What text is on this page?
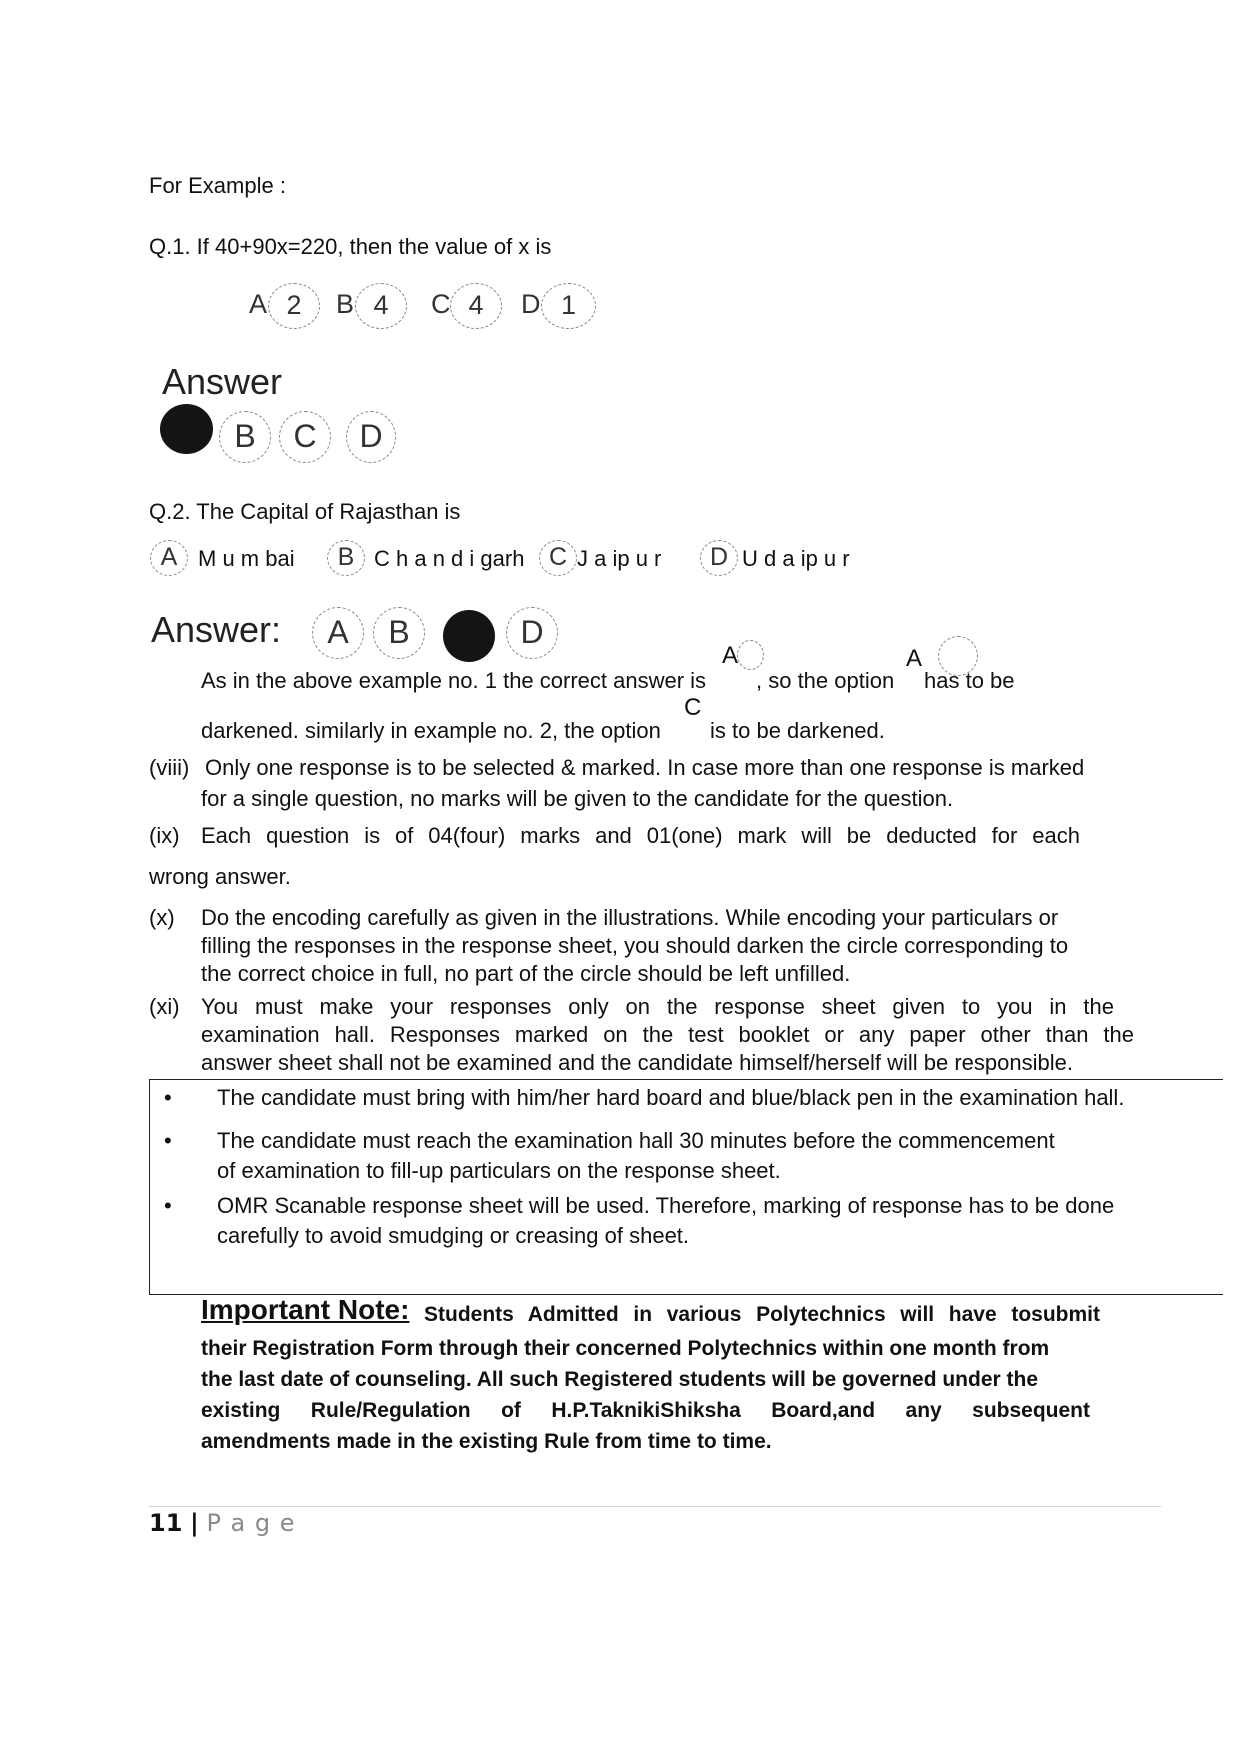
For Example :
Q.1. If 40+90x=220, then the value of x is
A 2	B 4	C 4	D 1
Answer
B	C	D
Q.2. The Capital of Rajasthan is
A M u m bai	B C h a n d i garh C J a ip u r	D U d a ip u r
Answer:	A	B	D
As in the above example no. 1 the correct answer is
A
, so the option
A
has to be
darkened. similarly in example no. 2, the option
C
is to be darkened.
(viii) Only one response is to be selected & marked. In case more than one response is marked
for a single question, no marks will be given to the candidate for the question.
(ix) Each question is of 04(four) marks and 01(one) mark will be deducted for each
wrong answer.
(x) Do the encoding carefully as given in the illustrations. While encoding your particulars or
filling the responses in the response sheet, you should darken the circle corresponding to
the correct choice in full, no part of the circle should be left unfilled.
(xi) You must make your responses only on the response sheet given to you in the
examination hall. Responses marked on the test booklet or any paper other than the
answer sheet shall not be examined and the candidate himself/herself will be responsible.
• The candidate must bring with him/her hard board and blue/black pen in the examination hall.
• The candidate must reach the examination hall 30 minutes before the commencement
of examination to fill-up particulars on the response sheet.
• OMR Scanable response sheet will be used. Therefore, marking of response has to be done
carefully to avoid smudging or creasing of sheet.
Important Note: Students Admitted in various Polytechnics will have tosubmit
their Registration Form through their concerned Polytechnics within one month from
the last date of counseling. All such Registered students will be governed under the
existing Rule/Regulation of H.P.TaknikiShiksha Board,and any subsequent
amendments made in the existing Rule from time to time.
11 | P a g e
